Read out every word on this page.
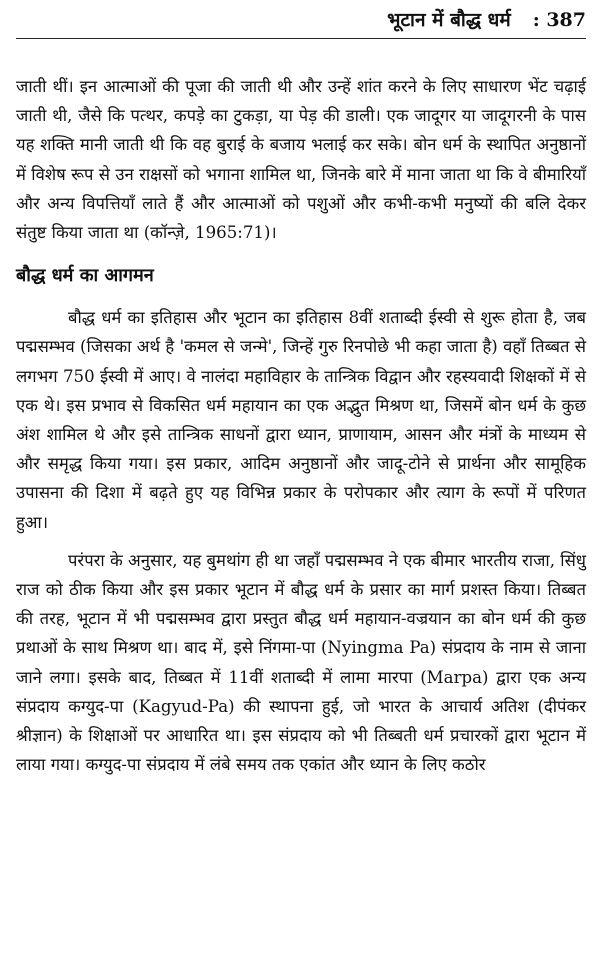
भूटान में बौद्ध धर्म : 387

जाती थीं। इन आत्माओं की पूजा की जाती थी और उन्हें शांत करने के लिए साधारण भेंट चढ़ाई जाती थी, जैसे कि पत्थर, कपड़े का टुकड़ा, या पेड़ की डाली। एक जादूगर या जादूगरनी के पास यह शक्ति मानी जाती थी कि वह बुराई के बजाय भलाई कर सके। बोन धर्म के स्थापित अनुष्ठानों में विशेष रूप से उन राक्षसों को भगाना शामिल था, जिनके बारे में माना जाता था कि वे बीमारियाँ और अन्य विपत्तियाँ लाते हैं और आत्माओं को पशुओं और कभी-कभी मनुष्यों की बलि देकर संतुष्ट किया जाता था (कॉन्ज़े, 1965:71)।

बौद्ध धर्म का आगमन

बौद्ध धर्म का इतिहास और भूटान का इतिहास 8वीं शताब्दी ईस्वी से शुरू होता है, जब पद्मसम्भव (जिसका अर्थ है 'कमल से जन्मे', जिन्हें गुरु रिनपोछे भी कहा जाता है) वहाँ तिब्बत से लगभग 750 ईस्वी में आए। वे नालंदा महाविहार के तान्त्रिक विद्वान और रहस्यवादी शिक्षकों में से एक थे। इस प्रभाव से विकसित धर्म महायान का एक अद्भुत मिश्रण था, जिसमें बोन धर्म के कुछ अंश शामिल थे और इसे तान्त्रिक साधनों द्वारा ध्यान, प्राणायाम, आसन और मंत्रों के माध्यम से और समृद्ध किया गया। इस प्रकार, आदिम अनुष्ठानों और जादू-टोने से प्रार्थना और सामूहिक उपासना की दिशा में बढ़ते हुए यह विभिन्न प्रकार के परोपकार और त्याग के रूपों में परिणत हुआ।

परंपरा के अनुसार, यह बुमथांग ही था जहाँ पद्मसम्भव ने एक बीमार भारतीय राजा, सिंधु राज को ठीक किया और इस प्रकार भूटान में बौद्ध धर्म के प्रसार का मार्ग प्रशस्त किया। तिब्बत की तरह, भूटान में भी पद्मसम्भव द्वारा प्रस्तुत बौद्ध धर्म महायान-वज्रयान का बोन धर्म की कुछ प्रथाओं के साथ मिश्रण था। बाद में, इसे निंगमा-पा (Nyingma Pa) संप्रदाय के नाम से जाना जाने लगा। इसके बाद, तिब्बत में 11वीं शताब्दी में लामा मारपा (Marpa) द्वारा एक अन्य संप्रदाय कग्युद-पा (Kagyud-Pa) की स्थापना हुई, जो भारत के आचार्य अतिश (दीपंकर श्रीज्ञान) के शिक्षाओं पर आधारित था। इस संप्रदाय को भी तिब्बती धर्म प्रचारकों द्वारा भूटान में लाया गया। कग्युद-पा संप्रदाय में लंबे समय तक एकांत और ध्यान के लिए कठोर
